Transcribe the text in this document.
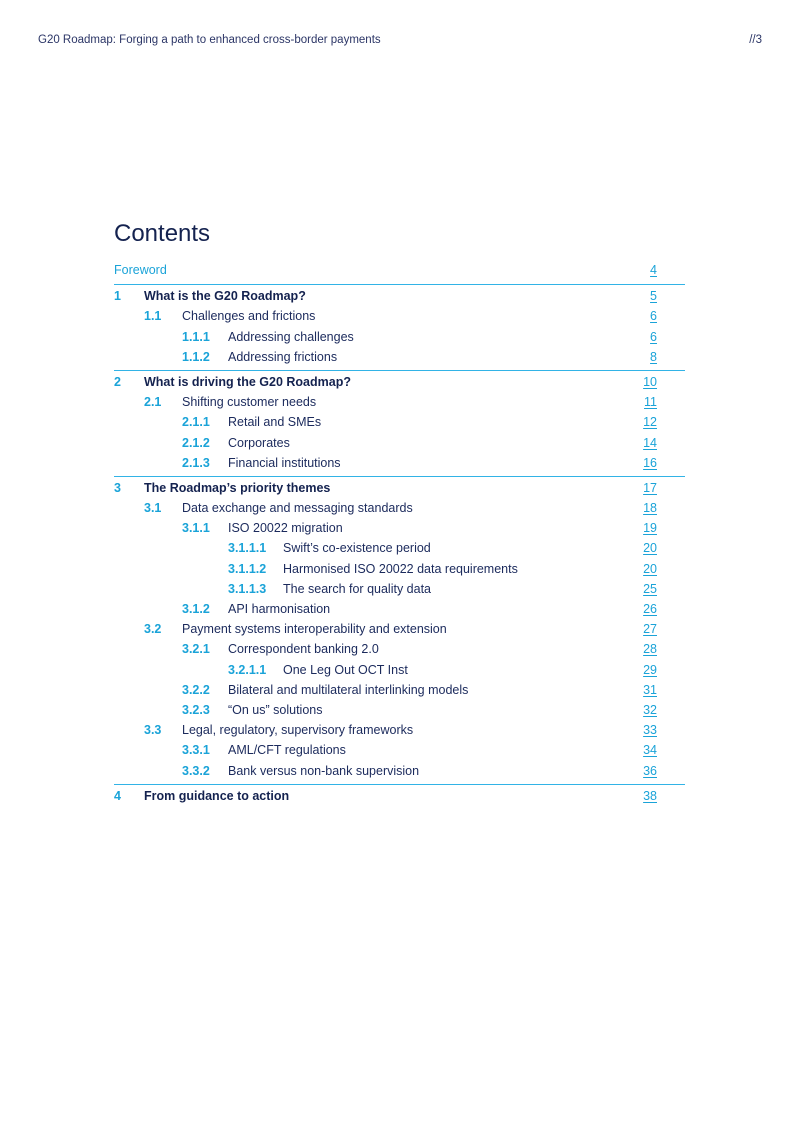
G20 Roadmap: Forging a path to enhanced cross-border payments	//3
Contents
Foreword	4
1 What is the G20 Roadmap?	5
1.1 Challenges and frictions	6
1.1.1 Addressing challenges	6
1.1.2 Addressing frictions	8
2 What is driving the G20 Roadmap?	10
2.1 Shifting customer needs	11
2.1.1 Retail and SMEs	12
2.1.2 Corporates	14
2.1.3 Financial institutions	16
3 The Roadmap’s priority themes	17
3.1 Data exchange and messaging standards	18
3.1.1 ISO 20022 migration	19
3.1.1.1 Swift’s co-existence period	20
3.1.1.2 Harmonised ISO 20022 data requirements	20
3.1.1.3 The search for quality data	25
3.1.2 API harmonisation	26
3.2 Payment systems interoperability and extension	27
3.2.1 Correspondent banking 2.0	28
3.2.1.1 One Leg Out OCT Inst	29
3.2.2 Bilateral and multilateral interlinking models	31
3.2.3 “On us” solutions	32
3.3 Legal, regulatory, supervisory frameworks	33
3.3.1 AML/CFT regulations	34
3.3.2 Bank versus non-bank supervision	36
4 From guidance to action	38
